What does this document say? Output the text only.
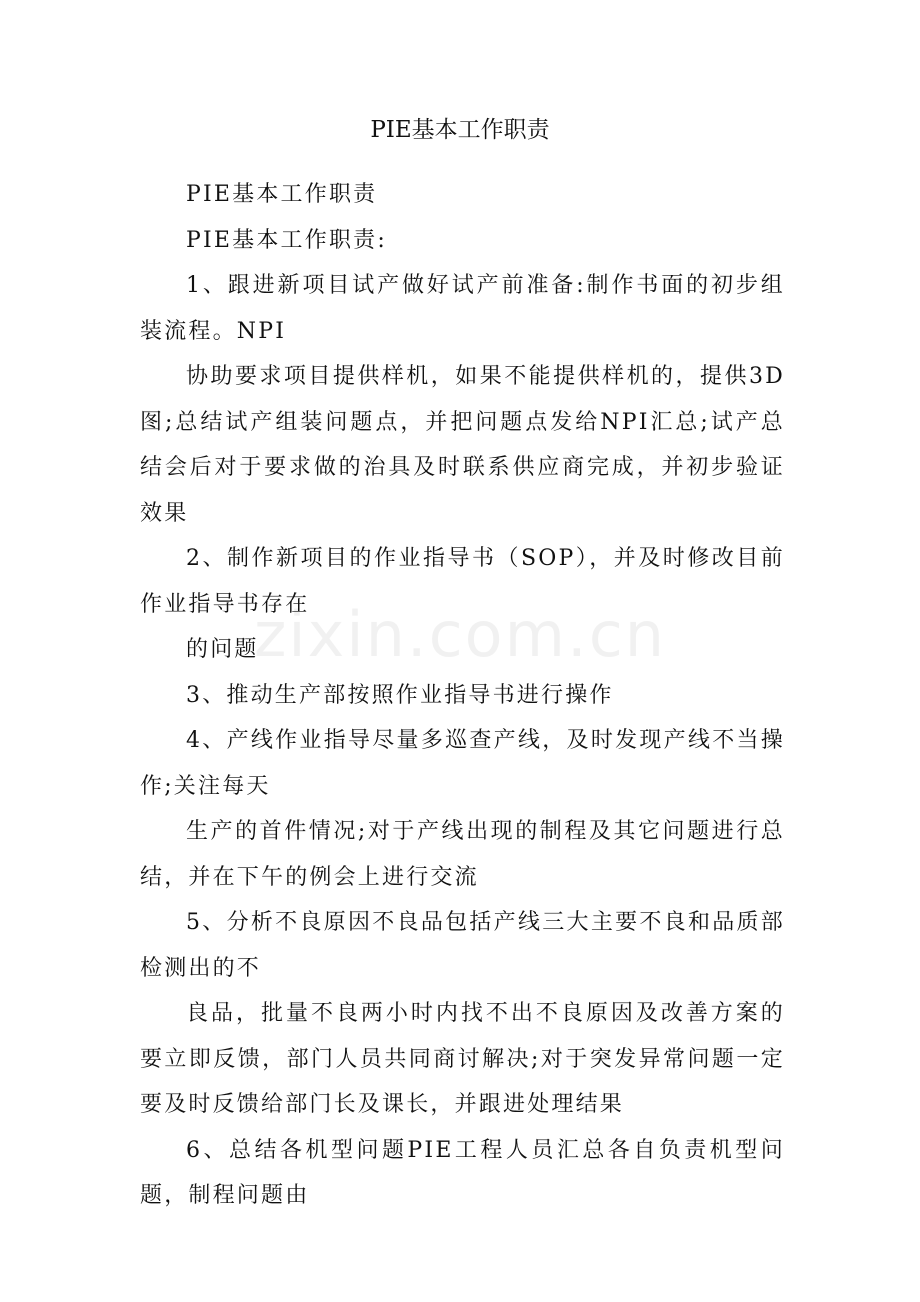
PIE基本工作职责

PIE基本工作职责

PIE基本工作职责:

1、跟进新项目试产做好试产前准备:制作书面的初步组装流程。NPI

协助要求项目提供样机，如果不能提供样机的，提供3D图;总结试产组装问题点，并把问题点发给NPI汇总;试产总结会后对于要求做的治具及时联系供应商完成，并初步验证效果

2、制作新项目的作业指导书（SOP），并及时修改目前作业指导书存在

的问题

3、推动生产部按照作业指导书进行操作

4、产线作业指导尽量多巡查产线，及时发现产线不当操作;关注每天

生产的首件情况;对于产线出现的制程及其它问题进行总结，并在下午的例会上进行交流

5、分析不良原因不良品包括产线三大主要不良和品质部检测出的不

良品，批量不良两小时内找不出不良原因及改善方案的要立即反馈，部门人员共同商讨解决;对于突发异常问题一定要及时反馈给部门长及课长，并跟进处理结果

6、总结各机型问题PIE工程人员汇总各自负责机型问题，制程问题由

zixin.com.cn
